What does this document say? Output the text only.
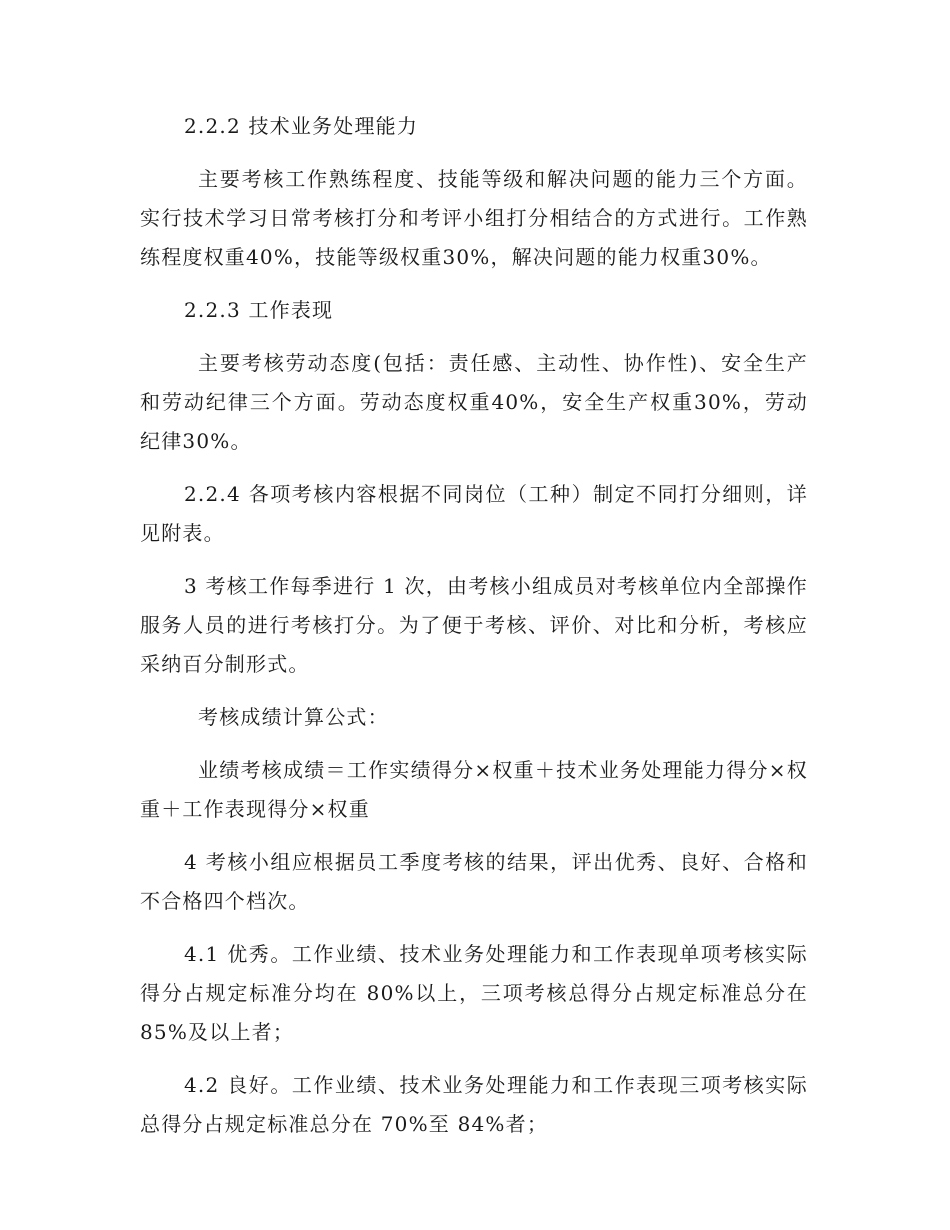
2.2.2 技术业务处理能力

主要考核工作熟练程度、技能等级和解决问题的能力三个方面。实行技术学习日常考核打分和考评小组打分相结合的方式进行。工作熟练程度权重40%，技能等级权重30%，解决问题的能力权重30%。

2.2.3 工作表现

主要考核劳动态度(包括：责任感、主动性、协作性)、安全生产和劳动纪律三个方面。劳动态度权重40%，安全生产权重30%，劳动纪律30%。

2.2.4 各项考核内容根据不同岗位（工种）制定不同打分细则，详见附表。

3 考核工作每季进行 1 次，由考核小组成员对考核单位内全部操作服务人员的进行考核打分。为了便于考核、评价、对比和分析，考核应采纳百分制形式。

考核成绩计算公式：

业绩考核成绩＝工作实绩得分×权重＋技术业务处理能力得分×权重＋工作表现得分×权重

4 考核小组应根据员工季度考核的结果，评出优秀、良好、合格和不合格四个档次。

4.1 优秀。工作业绩、技术业务处理能力和工作表现单项考核实际得分占规定标准分均在 80%以上，三项考核总得分占规定标准总分在 85%及以上者；

4.2 良好。工作业绩、技术业务处理能力和工作表现三项考核实际总得分占规定标准总分在 70%至 84%者；
